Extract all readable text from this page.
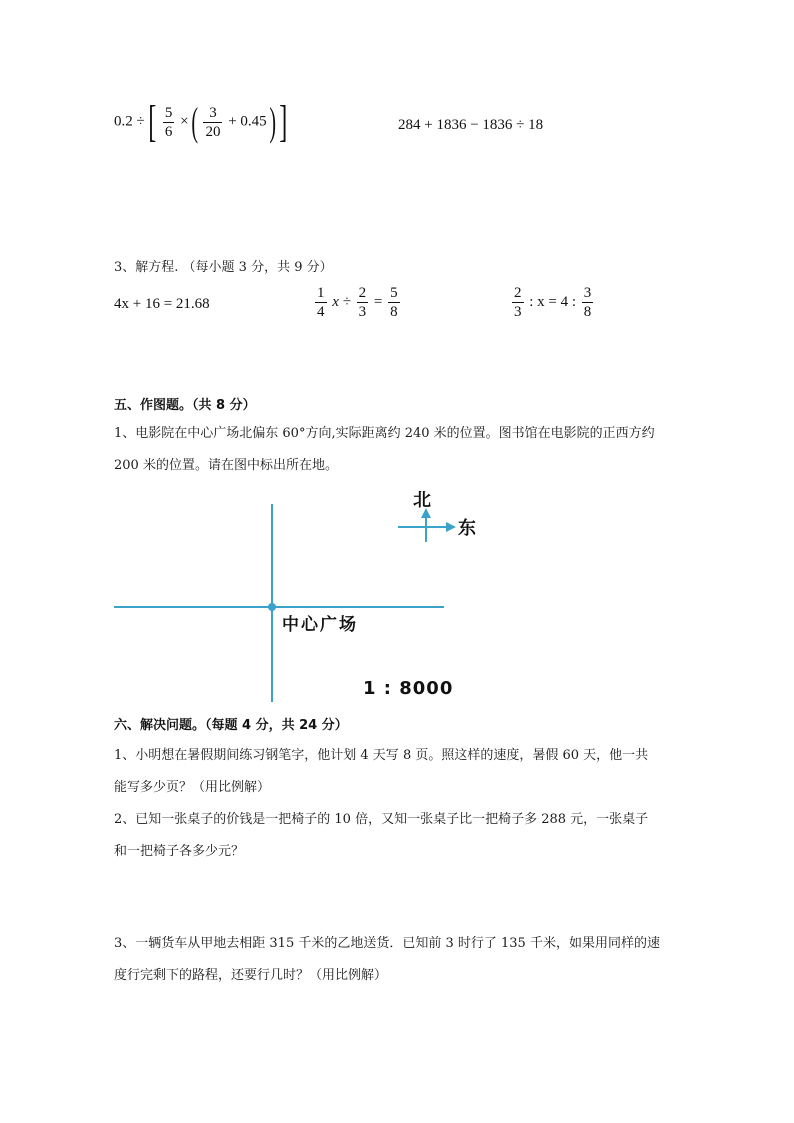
0.2 ÷ [ $\frac{5}{6}$ × ( $\frac{3}{20} + 0.45$ ) ]	284 + 1836 − 1836 ÷ 18
3、解方程. （每小题 3 分，共 9 分）
4x + 16 = 21.68	$\frac{1}{4}$ $x \div \frac{2}{3} = \frac{5}{8}$	$\frac{2}{3}$ : x = 4 : $\frac{3}{8}$
五、作图题。（共 8 分）
1、电影院在中心广场北偏东 60°方向,实际距离约 240 米的位置。图书馆在电影院的正西方约
200 米的位置。请在图中标出所在地。
北
东
中心广场
1 : 8000
六、解决问题。（每题 4 分，共 24 分）
1、小明想在暑假期间练习钢笔字，他计划 4 天写 8 页。照这样的速度，暑假 60 天，他一共
能写多少页？（用比例解）
2、已知一张桌子的价钱是一把椅子的 10 倍，又知一张桌子比一把椅子多 288 元，一张桌子
和一把椅子各多少元？
3、一辆货车从甲地去相距 315 千米的乙地送货．已知前 3 时行了 135 千米，如果用同样的速
度行完剩下的路程，还要行几时？（用比例解）
